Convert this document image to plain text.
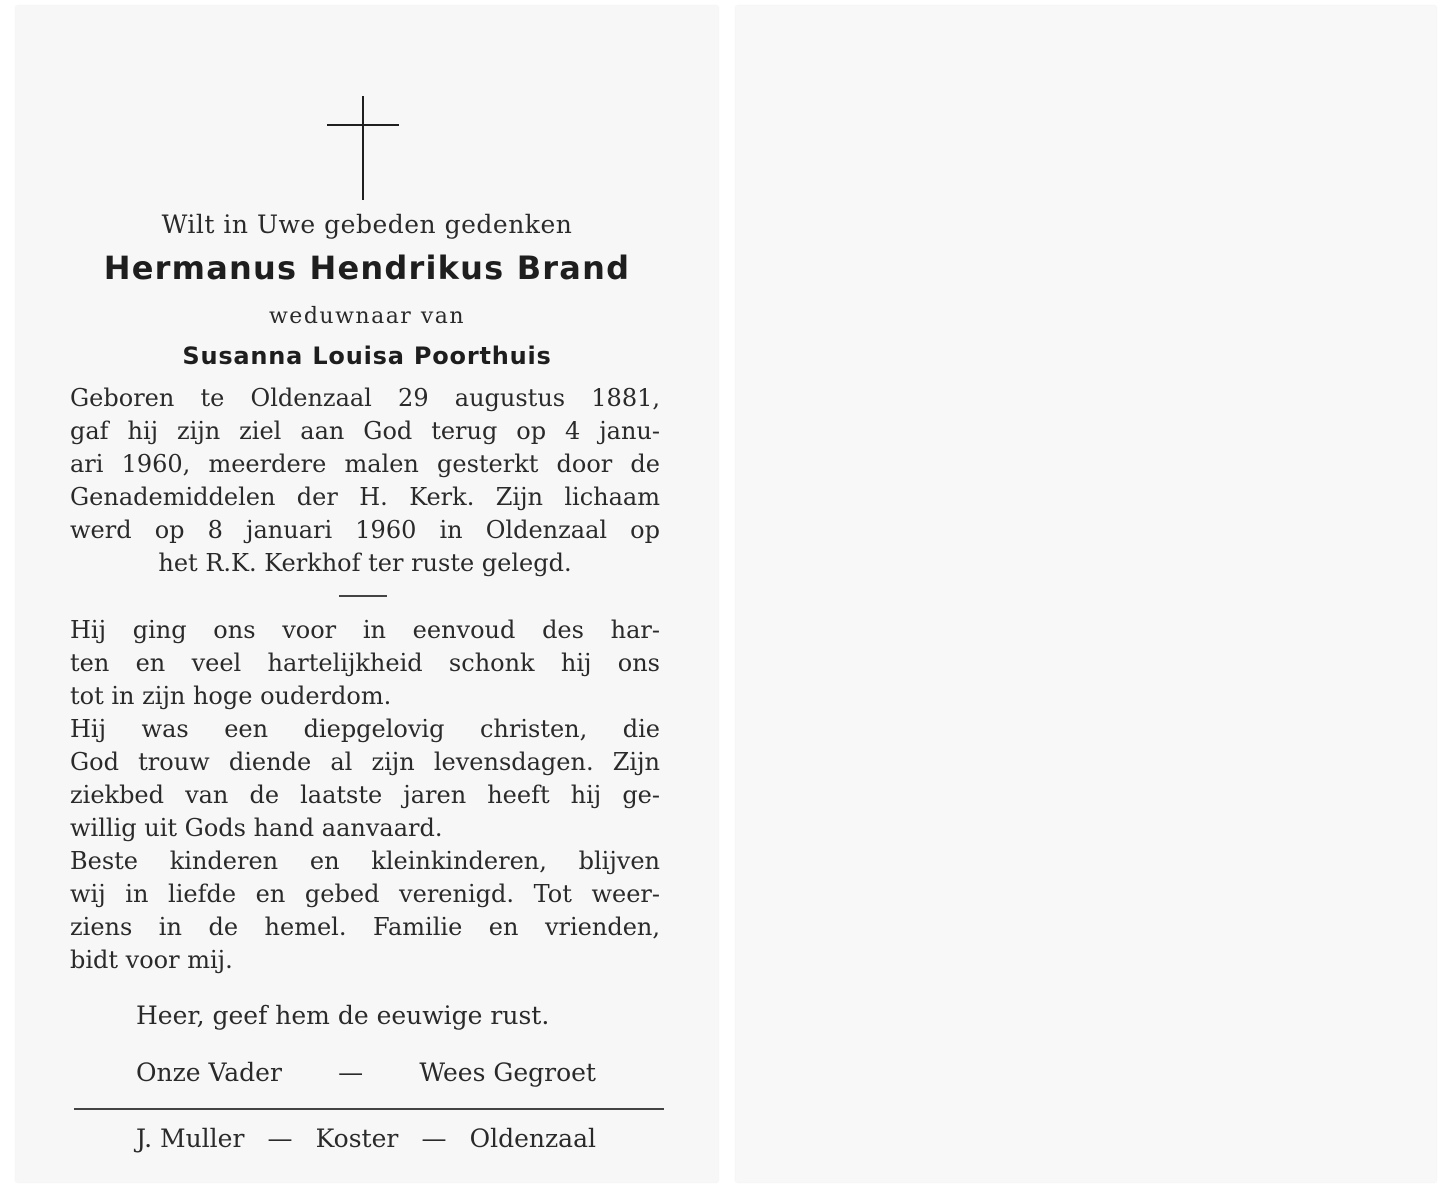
Wilt in Uwe gebeden gedenken
Hermanus Hendrikus Brand
weduwnaar van
Susanna Louisa Poorthuis
Geboren te Oldenzaal 29 augustus 1881,
gaf hij zijn ziel aan God terug op 4 janu-
ari 1960, meerdere malen gesterkt door de
Genademiddelen der H. Kerk. Zijn lichaam
werd op 8 januari 1960 in Oldenzaal op
het R.K. Kerkhof ter ruste gelegd.
Hij ging ons voor in eenvoud des har-
ten en veel hartelijkheid schonk hij ons
tot in zijn hoge ouderdom.
Hij was een diepgelovig christen, die
God trouw diende al zijn levensdagen. Zijn
ziekbed van de laatste jaren heeft hij ge-
willig uit Gods hand aanvaard.
Beste kinderen en kleinkinderen, blijven
wij in liefde en gebed verenigd. Tot weer-
ziens in de hemel. Familie en vrienden,
bidt voor mij.
Heer, geef hem de eeuwige rust.
Onze Vader — Wees Gegroet
J. Muller — Koster — Oldenzaal
